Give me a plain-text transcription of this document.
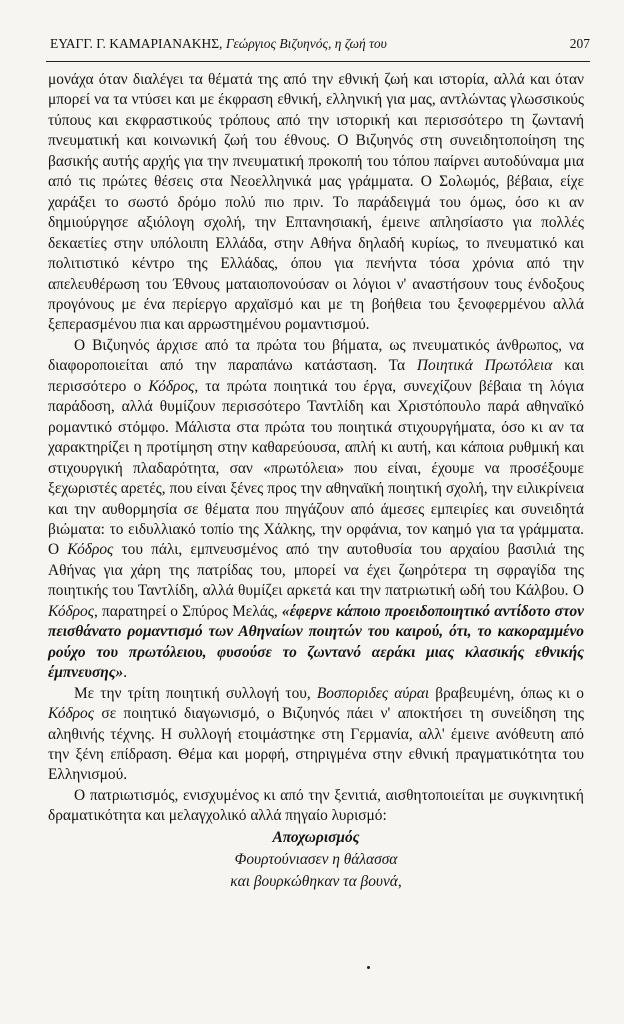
ΕΥΑΓΓ. Γ. ΚΑΜΑΡΙΑΝΑΚΗΣ, Γεώργιος Βιζυηνός, η ζωή του	207

μονάχα όταν διαλέγει τα θέματά της από την εθνική ζωή και ιστορία, αλλά και όταν μπορεί να τα ντύσει και με έκφραση εθνική, ελληνική για μας, αντλώντας γλωσσικούς τύπους και εκφραστικούς τρόπους από την ιστορική και περισσότερο τη ζωντανή πνευματική και κοινωνική ζωή του έθνους. Ο Βιζυηνός στη συνειδητοποίηση της βασικής αυτής αρχής για την πνευματική προκοπή του τόπου παίρνει αυτοδύναμα μια από τις πρώτες θέσεις στα Νεοελληνικά μας γράμματα. Ο Σολωμός, βέβαια, είχε χαράξει το σωστό δρόμο πολύ πιο πριν. Το παράδειγμά του όμως, όσο κι αν δημιούργησε αξιόλογη σχολή, την Επτανησιακή, έμεινε απλησίαστο για πολλές δεκαετίες στην υπόλοιπη Ελλάδα, στην Αθήνα δηλαδή κυρίως, το πνευματικό και πολιτιστικό κέντρο της Ελλάδας, όπου για πενήντα τόσα χρόνια από την απελευθέρωση του Έθνους ματαιοπονούσαν οι λόγιοι ν' αναστήσουν τους ένδοξους προγόνους με ένα περίεργο αρχαϊσμό και με τη βοήθεια του ξενοφερμένου αλλά ξεπερασμένου πια και αρρωστημένου ρομαντισμού.

Ο Βιζυηνός άρχισε από τα πρώτα του βήματα, ως πνευματικός άνθρωπος, να διαφοροποιείται από την παραπάνω κατάσταση. Τα Ποιητικά Πρωτόλεια και περισσότερο ο Κόδρος, τα πρώτα ποιητικά του έργα, συνεχίζουν βέβαια τη λόγια παράδοση, αλλά θυμίζουν περισσότερο Ταντλίδη και Χριστόπουλο παρά αθηναϊκό ρομαντικό στόμφο. Μάλιστα στα πρώτα του ποιητικά στιχουργήματα, όσο κι αν τα χαρακτηρίζει η προτίμηση στην καθαρεύουσα, απλή κι αυτή, και κάποια ρυθμική και στιχουργική πλαδαρότητα, σαν «πρωτόλεια» που είναι, έχουμε να προσέξουμε ξεχωριστές αρετές, που είναι ξένες προς την αθηναϊκή ποιητική σχολή, την ειλικρίνεια και την αυθορμησία σε θέματα που πηγάζουν από άμεσες εμπειρίες και συνειδητά βιώματα: το ειδυλλιακό τοπίο της Χάλκης, την ορφάνια, τον καημό για τα γράμματα. Ο Κόδρος του πάλι, εμπνευσμένος από την αυτοθυσία του αρχαίου βασιλιά της Αθήνας για χάρη της πατρίδας του, μπορεί να έχει ζωηρότερα τη σφραγίδα της ποιητικής του Ταντλίδη, αλλά θυμίζει αρκετά και την πατριωτική ωδή του Κάλβου. Ο Κόδρος, παρατηρεί ο Σπύρος Μελάς, «έφερνε κάποιο προειδοποιητικό αντίδοτο στον πεισθάνατο ρομαντισμό των Αθηναίων ποιητών του καιρού, ότι, το κακοραμμένο ρούχο του πρωτόλειου, φυσούσε το ζωντανό αεράκι μιας κλασικής εθνικής έμπνευσης».

Με την τρίτη ποιητική συλλογή του, Βοσποριδες αύραι βραβευμένη, όπως κι ο Κόδρος σε ποιητικό διαγωνισμό, ο Βιζυηνός πάει ν' αποκτήσει τη συνείδηση της αληθινής τέχνης. Η συλλογή ετοιμάστηκε στη Γερμανία, αλλ' έμεινε ανόθευτη από την ξένη επίδραση. Θέμα και μορφή, στηριγμένα στην εθνική πραγματικότητα του Ελληνισμού.

Ο πατριωτισμός, ενισχυμένος κι από την ξενιτιά, αισθητοποιείται με συγκινητική δραματικότητα και μελαγχολικό αλλά πηγαίο λυρισμό:

Αποχωρισμός
Φουρτούνιασεν η θάλασσα
και βουρκώθηκαν τα βουνά,
